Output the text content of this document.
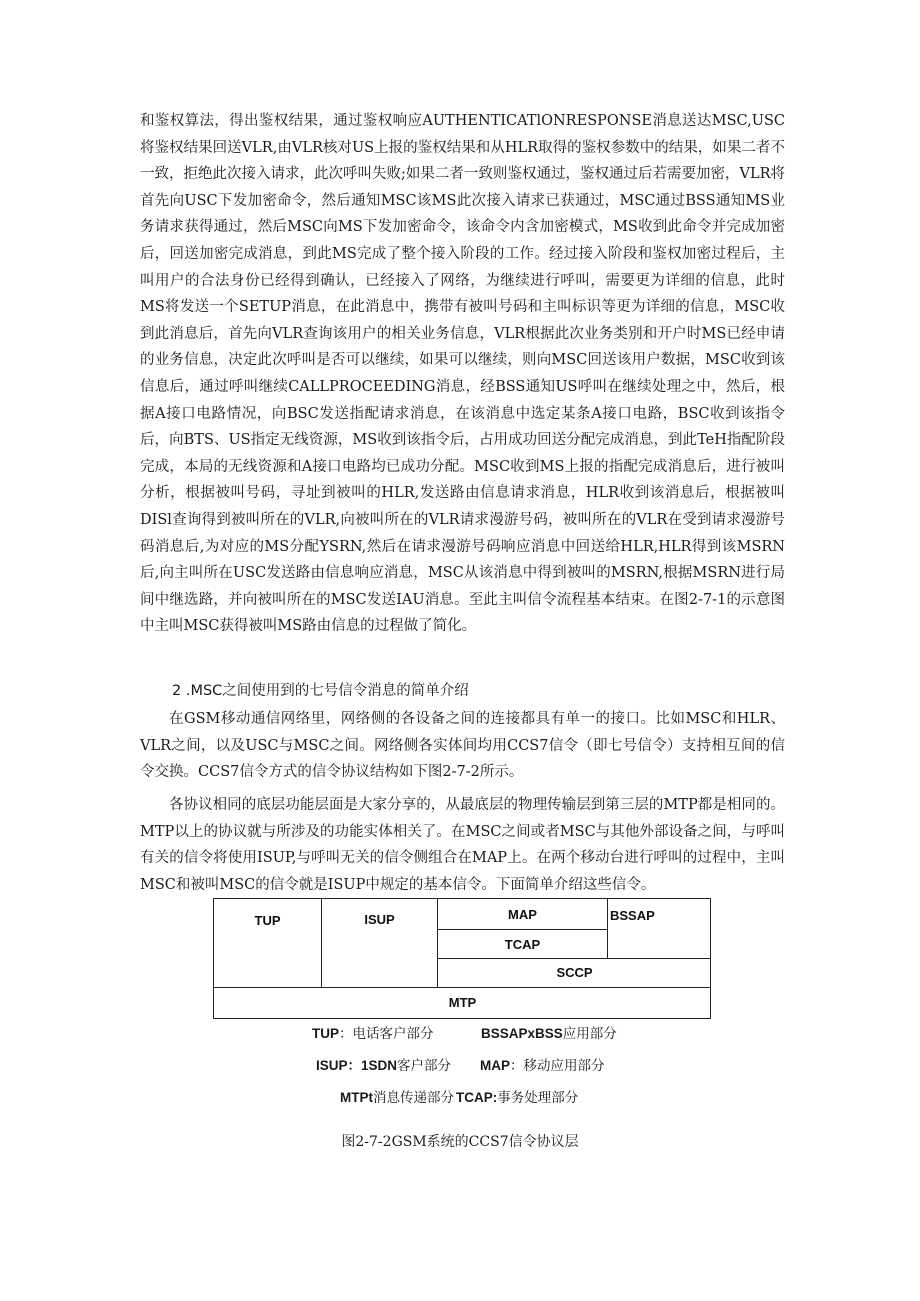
和鉴权算法，得出鉴权结果，通过鉴权响应AUTHENTICATlONRESPONSE消息送达MSC,USC将鉴权结果回送VLR,由VLR核对US上报的鉴权结果和从HLR取得的鉴权参数中的结果，如果二者不一致，拒绝此次接入请求，此次呼叫失败;如果二者一致则鉴权通过，鉴权通过后若需要加密，VLR将首先向USC下发加密命令，然后通知MSC该MS此次接入请求已获通过，MSC通过BSS通知MS业务请求获得通过，然后MSC向MS下发加密命令，该命令内含加密模式，MS收到此命令并完成加密后，回送加密完成消息，到此MS完成了整个接入阶段的工作。经过接入阶段和鉴权加密过程后，主叫用户的合法身份已经得到确认，已经接入了网络，为继续进行呼叫，需要更为详细的信息，此时MS将发送一个SETUP消息，在此消息中，携带有被叫号码和主叫标识等更为详细的信息，MSC收到此消息后，首先向VLR查询该用户的相关业务信息，VLR根据此次业务类别和开户时MS已经申请的业务信息，决定此次呼叫是否可以继续，如果可以继续，则向MSC回送该用户数据，MSC收到该信息后，通过呼叫继续CALLPROCEEDING消息，经BSS通知US呼叫在继续处理之中，然后，根据A接口电路情况，向BSC发送指配请求消息，在该消息中选定某条A接口电路，BSC收到该指令后，向BTS、US指定无线资源，MS收到该指令后，占用成功回送分配完成消息，到此TeH指配阶段完成，本局的无线资源和A接口电路均已成功分配。MSC收到MS上报的指配完成消息后，进行被叫分析，根据被叫号码，寻址到被叫的HLR,发送路由信息请求消息，HLR收到该消息后，根据被叫DISl查询得到被叫所在的VLR,向被叫所在的VLR请求漫游号码，被叫所在的VLR在受到请求漫游号码消息后,为对应的MS分配YSRN,然后在请求漫游号码响应消息中回送给HLR,HLR得到该MSRN后,向主叫所在USC发送路由信息响应消息，MSC从该消息中得到被叫的MSRN,根据MSRN进行局间中继选路，并向被叫所在的MSC发送IAU消息。至此主叫信令流程基本结束。在图2-7-1的示意图中主叫MSC获得被叫MS路由信息的过程做了简化。

2 .MSC之间使用到的七号信令消息的简单介绍

在GSM移动通信网络里，网络侧的各设备之间的连接都具有单一的接口。比如MSC和HLR、VLR之间，以及USC与MSC之间。网络侧各实体间均用CCS7信令（即七号信令）支持相互间的信令交换。CCS7信令方式的信令协议结构如下图2-7-2所示。

各协议相同的底层功能层面是大家分享的，从最底层的物理传输层到第三层的MTP都是相同的。MTP以上的协议就与所涉及的功能实体相关了。在MSC之间或者MSC与其他外部设备之间，与呼叫有关的信令将使用ISUP,与呼叫无关的信令侧组合在MAP上。在两个移动台进行呼叫的过程中，主叫MSC和被叫MSC的信令就是ISUP中规定的基本信令。下面简单介绍这些信令。

TUP	ISUP	MAP	BSSAP
TCAP
SCCP
MTP
TUP：电话客户部分	BSSAPxBSS应用部分
ISUP：1SDN客户部分 MAP：移动应用部分
MTPt消息传递部分 TCAP:事务处理部分
图2-7-2GSM系统的CCS7信令协议层
